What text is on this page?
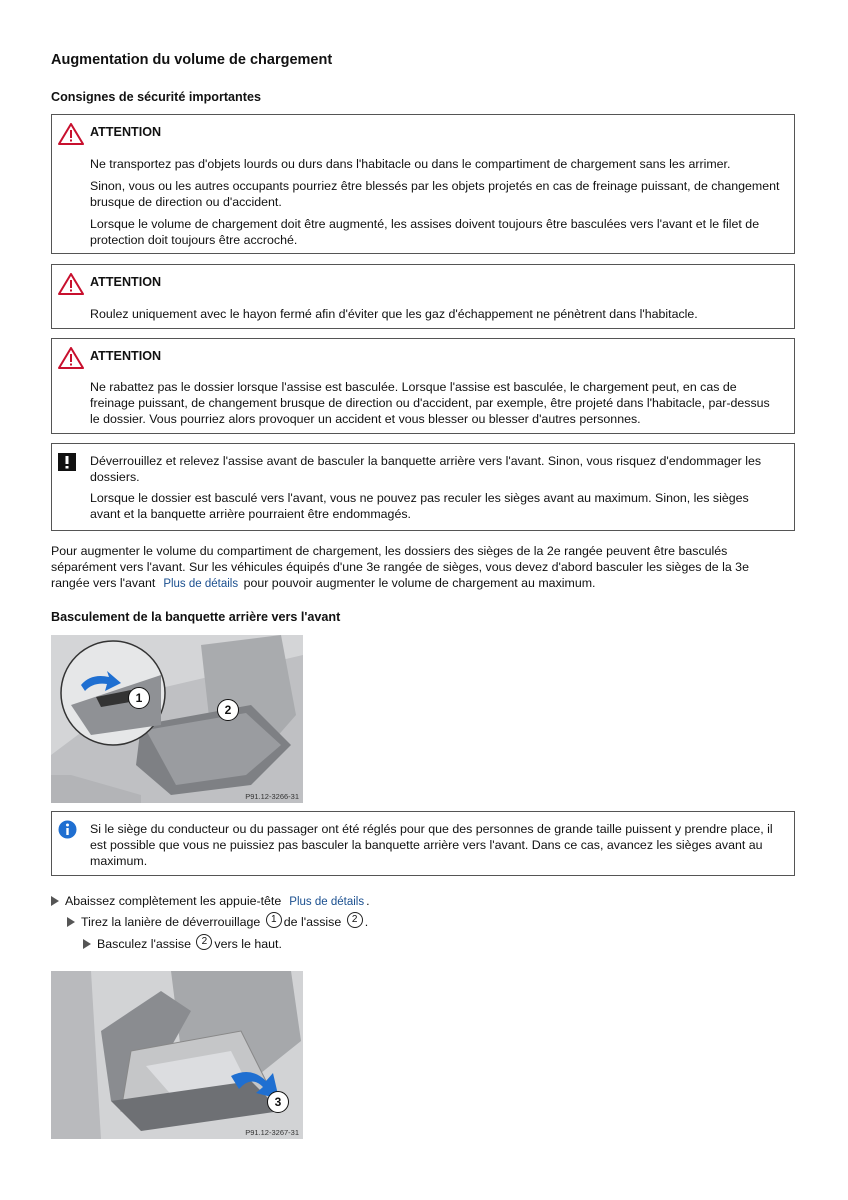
Augmentation du volume de chargement
Consignes de sécurité importantes
ATTENTION
Ne transportez pas d'objets lourds ou durs dans l'habitacle ou dans le compartiment de chargement sans les arrimer.
Sinon, vous ou les autres occupants pourriez être blessés par les objets projetés en cas de freinage puissant, de changement brusque de direction ou d'accident.
Lorsque le volume de chargement doit être augmenté, les assises doivent toujours être basculées vers l'avant et le filet de protection doit toujours être accroché.
ATTENTION
Roulez uniquement avec le hayon fermé afin d'éviter que les gaz d'échappement ne pénètrent dans l'habitacle.
ATTENTION
Ne rabattez pas le dossier lorsque l'assise est basculée. Lorsque l'assise est basculée, le chargement peut, en cas de freinage puissant, de changement brusque de direction ou d'accident, par exemple, être projeté dans l'habitacle, par-dessus le dossier. Vous pourriez alors provoquer un accident et vous blesser ou blesser d'autres personnes.
Déverrouillez et relevez l'assise avant de basculer la banquette arrière vers l'avant. Sinon, vous risquez d'endommager les dossiers.
Lorsque le dossier est basculé vers l'avant, vous ne pouvez pas reculer les sièges avant au maximum. Sinon, les sièges avant et la banquette arrière pourraient être endommagés.
Pour augmenter le volume du compartiment de chargement, les dossiers des sièges de la 2e rangée peuvent être basculés séparément vers l'avant. Sur les véhicules équipés d'une 3e rangée de sièges, vous devez d'abord basculer les sièges de la 3e rangée vers l'avant Plus de détails pour pouvoir augmenter le volume de chargement au maximum.
Basculement de la banquette arrière vers l'avant
1
2
P91.12-3266-31
Si le siège du conducteur ou du passager ont été réglés pour que des personnes de grande taille puissent y prendre place, il est possible que vous ne puissiez pas basculer la banquette arrière vers l'avant. Dans ce cas, avancez les sièges avant au maximum.
Abaissez complètement les appuie-tête Plus de détails .
Tirez la lanière de déverrouillage 1 de l'assise 2 .
Basculez l'assise 2 vers le haut.
3
P91.12-3267-31
